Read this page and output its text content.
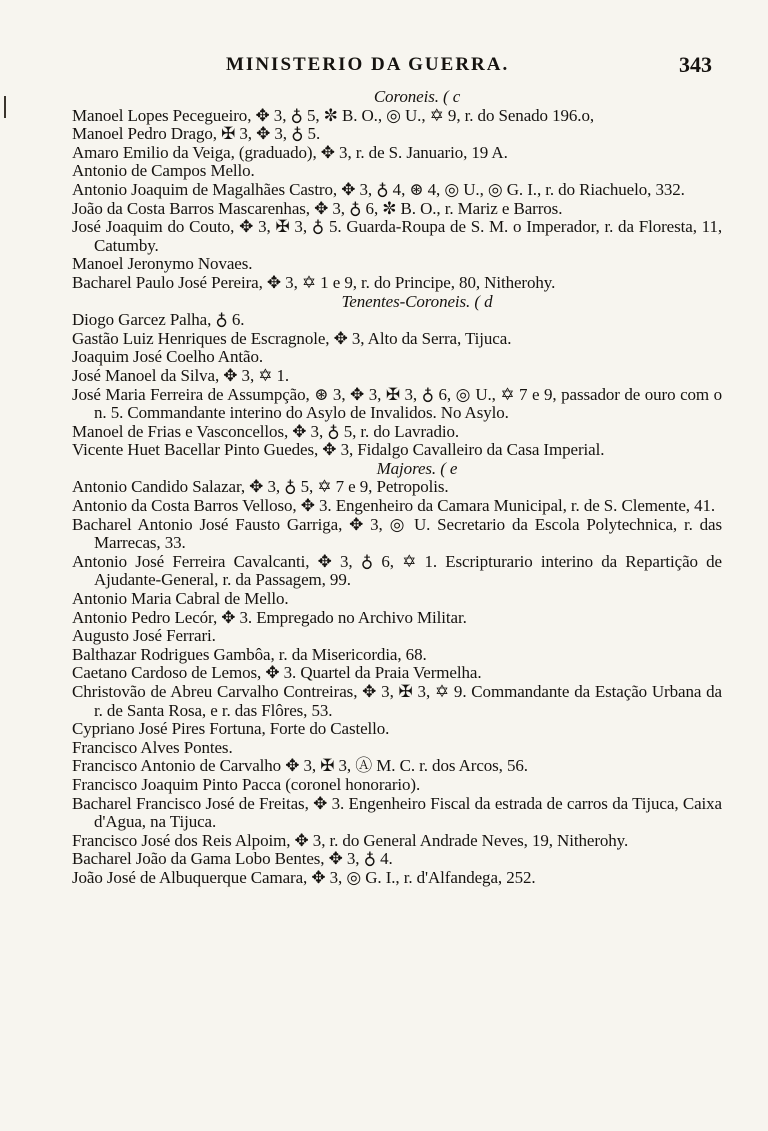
MINISTERIO DA GUERRA.	343

Coroneis. ( c

Manoel Lopes Pecegueiro, ✥ 3, ♁ 5, ✼ B. O., ◎ U., ✡ 9, r. do Senado 196.o,

Manoel Pedro Drago, ✠ 3, ✥ 3, ♁ 5.

Amaro Emilio da Veiga, (graduado), ✥ 3, r. de S. Januario, 19 A.

Antonio de Campos Mello.

Antonio Joaquim de Magalhães Castro, ✥ 3, ♁ 4, ⊛ 4, ◎ U., ◎ G. I., r. do Riachuelo, 332.

João da Costa Barros Mascarenhas, ✥ 3, ♁ 6, ✼ B. O., r. Mariz e Barros.

José Joaquim do Couto, ✥ 3, ✠ 3, ♁ 5. Guarda-Roupa de S. M. o Imperador, r. da Floresta, 11, Catumby.

Manoel Jeronymo Novaes.

Bacharel Paulo José Pereira, ✥ 3, ✡ 1 e 9, r. do Principe, 80, Nitherohy.

Tenentes-Coroneis. ( d

Diogo Garcez Palha, ♁ 6.

Gastão Luiz Henriques de Escragnole, ✥ 3, Alto da Serra, Tijuca.

Joaquim José Coelho Antão.

José Manoel da Silva, ✥ 3, ✡ 1.

José Maria Ferreira de Assumpção, ⊛ 3, ✥ 3, ✠ 3, ♁ 6, ◎ U., ✡ 7 e 9, passador de ouro com o n. 5. Commandante interino do Asylo de Invalidos. No Asylo.

Manoel de Frias e Vasconcellos, ✥ 3, ♁ 5, r. do Lavradio.

Vicente Huet Bacellar Pinto Guedes, ✥ 3, Fidalgo Cavalleiro da Casa Imperial.

Majores. ( e

Antonio Candido Salazar, ✥ 3, ♁ 5, ✡ 7 e 9, Petropolis.

Antonio da Costa Barros Velloso, ✥ 3. Engenheiro da Camara Municipal, r. de S. Clemente, 41.

Bacharel Antonio José Fausto Garriga, ✥ 3, ◎ U. Secretario da Escola Polytechnica, r. das Marrecas, 33.

Antonio José Ferreira Cavalcanti, ✥ 3, ♁ 6, ✡ 1. Escripturario interino da Repartição de Ajudante-General, r. da Passagem, 99.

Antonio Maria Cabral de Mello.

Antonio Pedro Lecór, ✥ 3. Empregado no Archivo Militar.

Augusto José Ferrari.

Balthazar Rodrigues Gambôa, r. da Misericordia, 68.

Caetano Cardoso de Lemos, ✥ 3. Quartel da Praia Vermelha.

Christovão de Abreu Carvalho Contreiras, ✥ 3, ✠ 3, ✡ 9. Commandante da Estação Urbana da r. de Santa Rosa, e r. das Flôres, 53.

Cypriano José Pires Fortuna, Forte do Castello.

Francisco Alves Pontes.

Francisco Antonio de Carvalho ✥ 3, ✠ 3, Ⓐ M. C. r. dos Arcos, 56.

Francisco Joaquim Pinto Pacca (coronel honorario).

Bacharel Francisco José de Freitas, ✥ 3. Engenheiro Fiscal da estrada de carros da Tijuca, Caixa d'Agua, na Tijuca.

Francisco José dos Reis Alpoim, ✥ 3, r. do General Andrade Neves, 19, Nitherohy.

Bacharel João da Gama Lobo Bentes, ✥ 3, ♁ 4.

João José de Albuquerque Camara, ✥ 3, ◎ G. I., r. d'Alfandega, 252.
